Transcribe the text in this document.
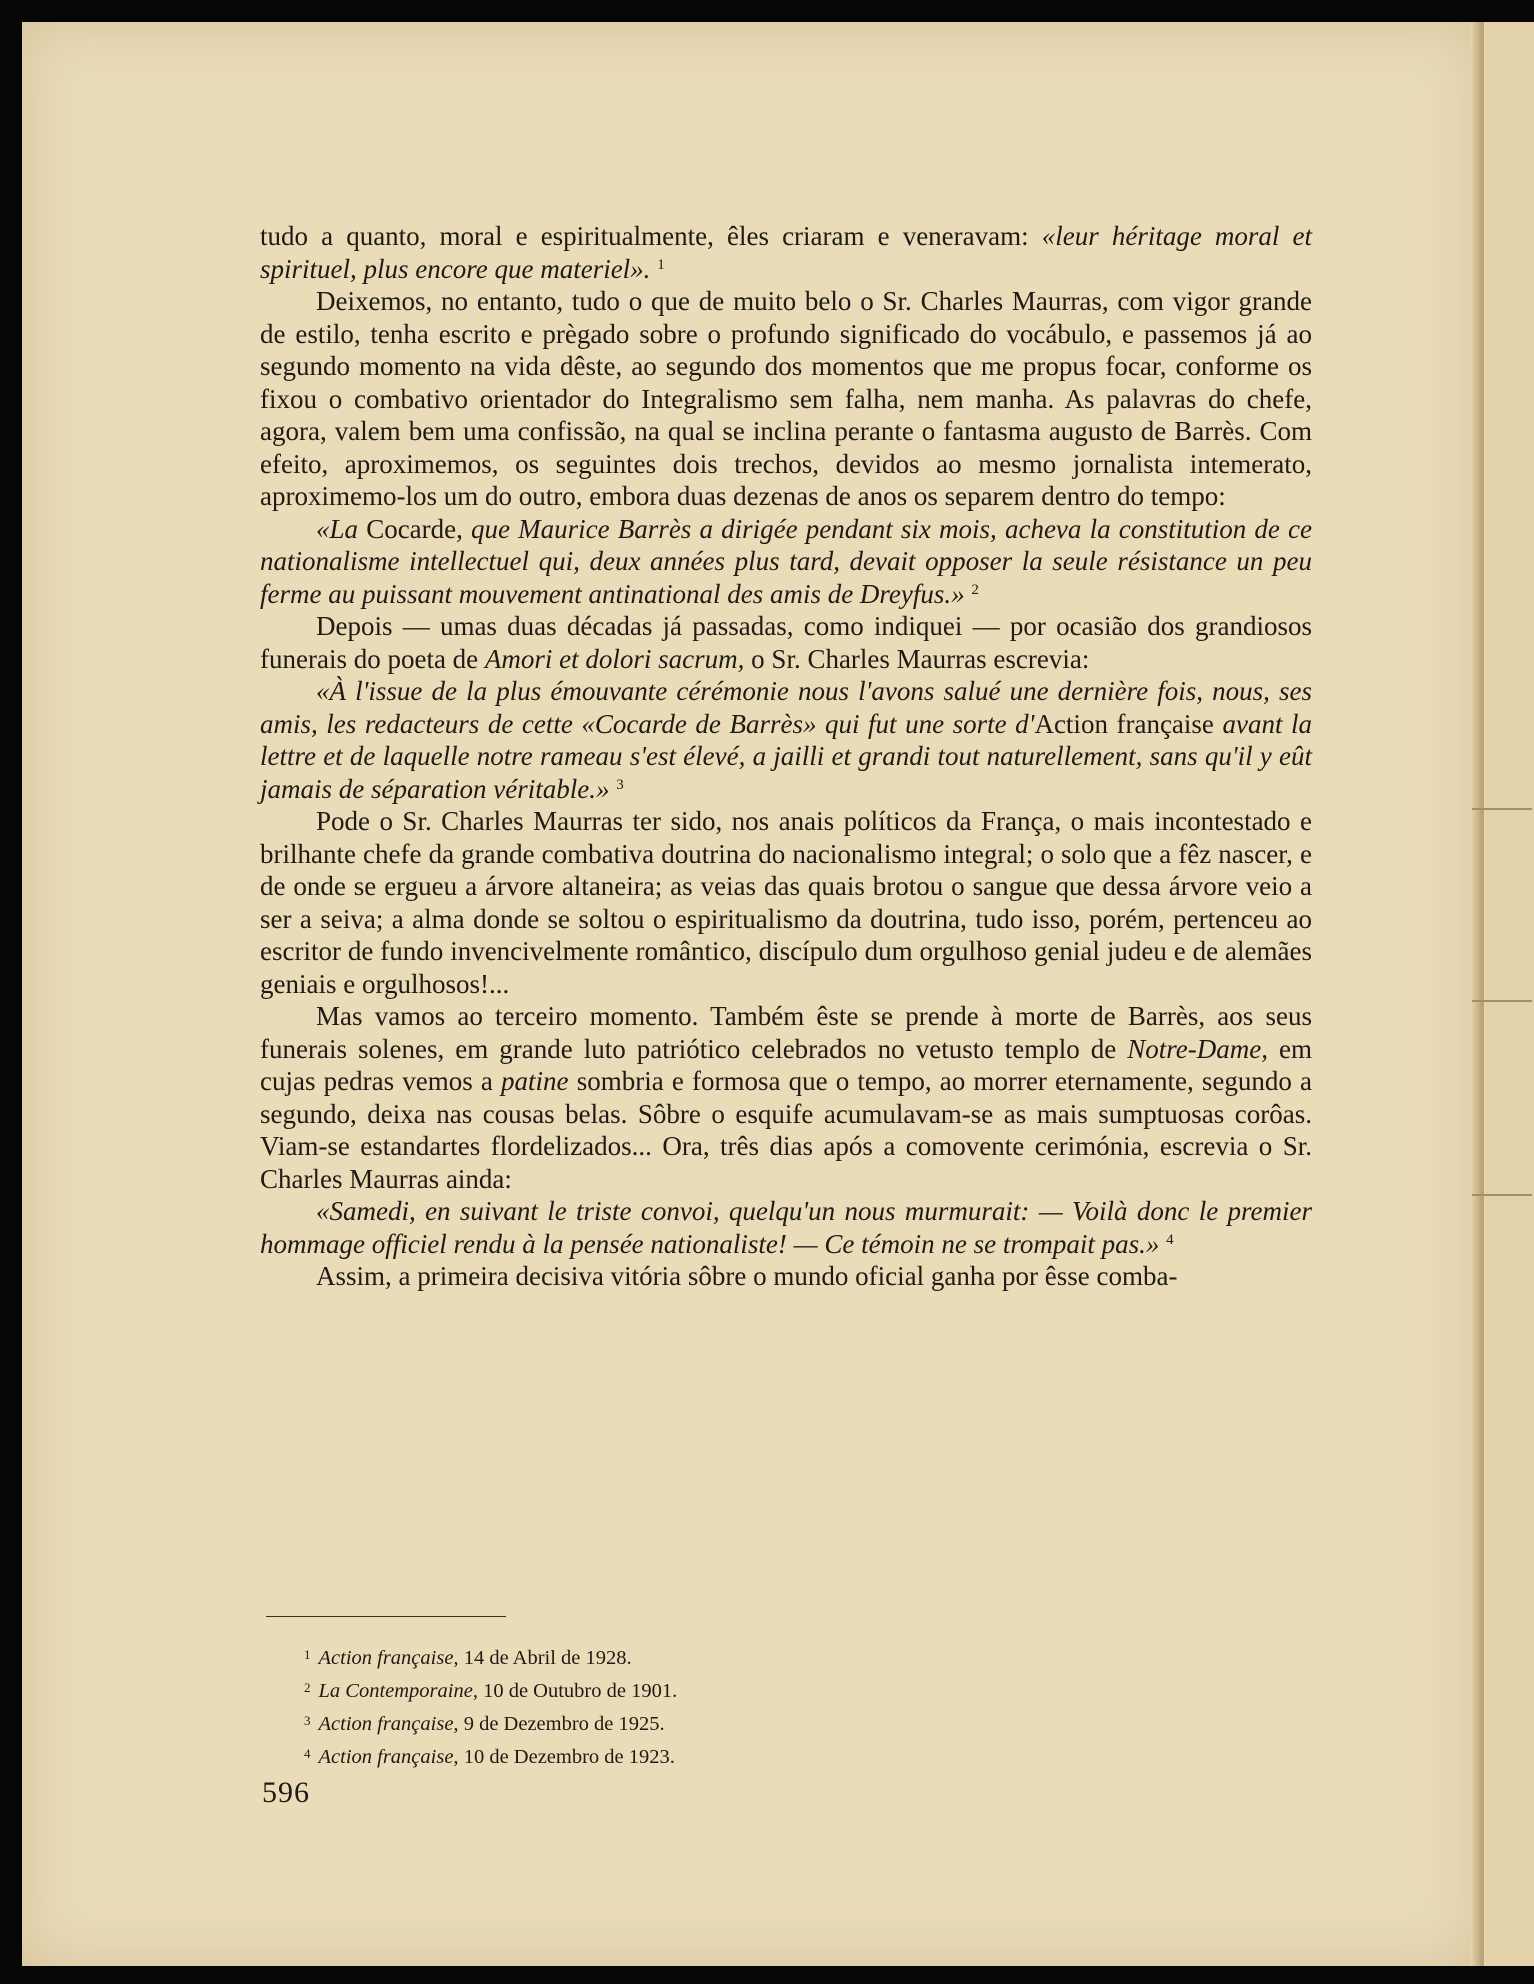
tudo a quanto, moral e espiritualmente, êles criaram e veneravam: «leur héritage moral et spirituel, plus encore que materiel». $^1$

Deixemos, no entanto, tudo o que de muito belo o Sr. Charles Maurras, com vigor grande de estilo, tenha escrito e prègado sobre o profundo significado do vocábulo, e passemos já ao segundo momento na vida dêste, ao segundo dos momentos que me propus focar, conforme os fixou o combativo orientador do Integralismo sem falha, nem manha. As palavras do chefe, agora, valem bem uma confissão, na qual se inclina perante o fantasma augusto de Barrès. Com efeito, aproximemos, os seguintes dois trechos, devidos ao mesmo jornalista intemerato, aproximemo-los um do outro, embora duas dezenas de anos os separem dentro do tempo:

«La Cocarde, que Maurice Barrès a dirigée pendant six mois, acheva la constitution de ce nationalisme intellectuel qui, deux années plus tard, devait opposer la seule résistance un peu ferme au puissant mouvement antinational des amis de Dreyfus.» $^2$

Depois — umas duas décadas já passadas, como indiquei — por ocasião dos grandiosos funerais do poeta de Amori et dolori sacrum, o Sr. Charles Maurras escrevia:

«À l'issue de la plus émouvante cérémonie nous l'avons salué une dernière fois, nous, ses amis, les redacteurs de cette «Cocarde de Barrès» qui fut une sorte d'Action française avant la lettre et de laquelle notre rameau s'est élevé, a jailli et grandi tout naturellement, sans qu'il y eût jamais de séparation véritable.» $^3$

Pode o Sr. Charles Maurras ter sido, nos anais políticos da França, o mais incontestado e brilhante chefe da grande combativa doutrina do nacionalismo integral; o solo que a fêz nascer, e de onde se ergueu a árvore altaneira; as veias das quais brotou o sangue que dessa árvore veio a ser a seiva; a alma donde se soltou o espiritualismo da doutrina, tudo isso, porém, pertenceu ao escritor de fundo invencivelmente romântico, discípulo dum orgulhoso genial judeu e de alemães geniais e orgulhosos!...

Mas vamos ao terceiro momento. Também êste se prende à morte de Barrès, aos seus funerais solenes, em grande luto patriótico celebrados no vetusto templo de Notre-Dame, em cujas pedras vemos a patine sombria e formosa que o tempo, ao morrer eternamente, segundo a segundo, deixa nas cousas belas. Sôbre o esquife acumulavam-se as mais sumptuosas corôas. Viam-se estandartes flordelizados... Ora, três dias após a comovente cerimónia, escrevia o Sr. Charles Maurras ainda:

«Samedi, en suivant le triste convoi, quelqu'un nous murmurait: — Voilà donc le premier hommage officiel rendu à la pensée nationaliste! — Ce témoin ne se trompait pas.» $^4$

Assim, a primeira decisiva vitória sôbre o mundo oficial ganha por êsse comba-

$^1$ Action française, 14 de Abril de 1928.
$^2$ La Contemporaine, 10 de Outubro de 1901.
$^3$ Action française, 9 de Dezembro de 1925.
$^4$ Action française, 10 de Dezembro de 1923.
596
